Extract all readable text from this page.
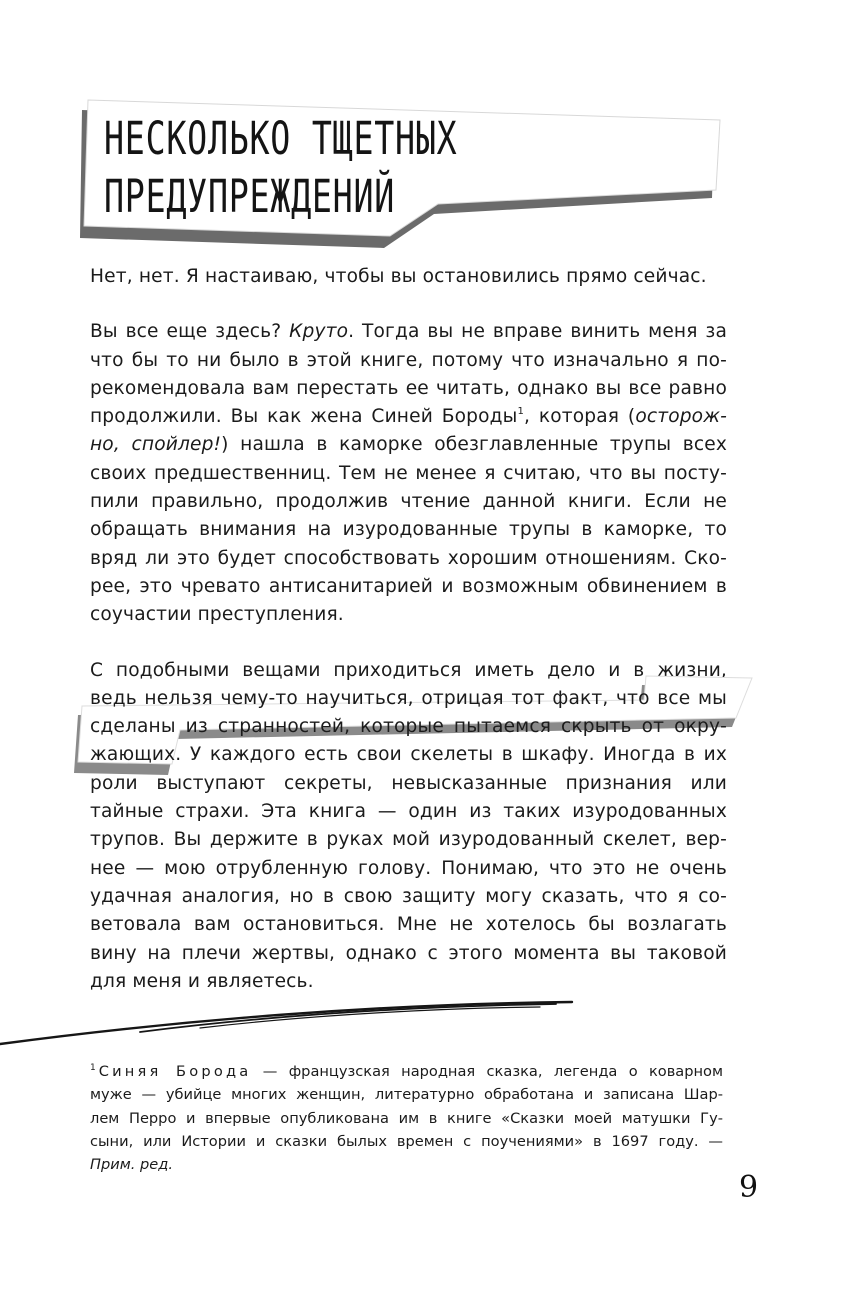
НЕСКОЛЬКО ТЩЕТНЫХ
ПРЕДУПРЕЖДЕНИЙ

Нет, нет. Я настаиваю, чтобы вы остановились прямо сейчас.

Вы все еще здесь? Круто. Тогда вы не вправе винить меня за
что бы то ни было в этой книге, потому что изначально я по-
рекомендовала вам перестать ее читать, однако вы все равно
продолжили. Вы как жена Синей Бороды$^1$, которая (осторож-
но, спойлер!) нашла в каморке обезглавленные трупы всех
своих предшественниц. Тем не менее я считаю, что вы посту-
пили правильно, продолжив чтение данной книги. Если не
обращать внимания на изуродованные трупы в каморке, то
вряд ли это будет способствовать хорошим отношениям. Ско-
рее, это чревато антисанитарией и возможным обвинением в
соучастии преступления.

С подобными вещами приходиться иметь дело и в жизни,
ведь нельзя чему-то научиться, отрицая тот факт, что все мы
сделаны из странностей, которые пытаемся скрыть от окру-
жающих. У каждого есть свои скелеты в шкафу. Иногда в их
роли выступают секреты, невысказанные признания или
тайные страхи. Эта книга — один из таких изуродованных
трупов. Вы держите в руках мой изуродованный скелет, вер-
нее — мою отрубленную голову. Понимаю, что это не очень
удачная аналогия, но в свою защиту могу сказать, что я со-
ветовала вам остановиться. Мне не хотелось бы возлагать
вину на плечи жертвы, однако с этого момента вы таковой
для меня и являетесь.

$^1$ Синяя Борода — французская народная сказка, легенда о коварном
муже — убийце многих женщин, литературно обработана и записана Шар-
лем Перро и впервые опубликована им в книге «Сказки моей матушки Гу-
сыни, или Истории и сказки былых времен с поучениями» в 1697 году. —
Прим. ред.
9
